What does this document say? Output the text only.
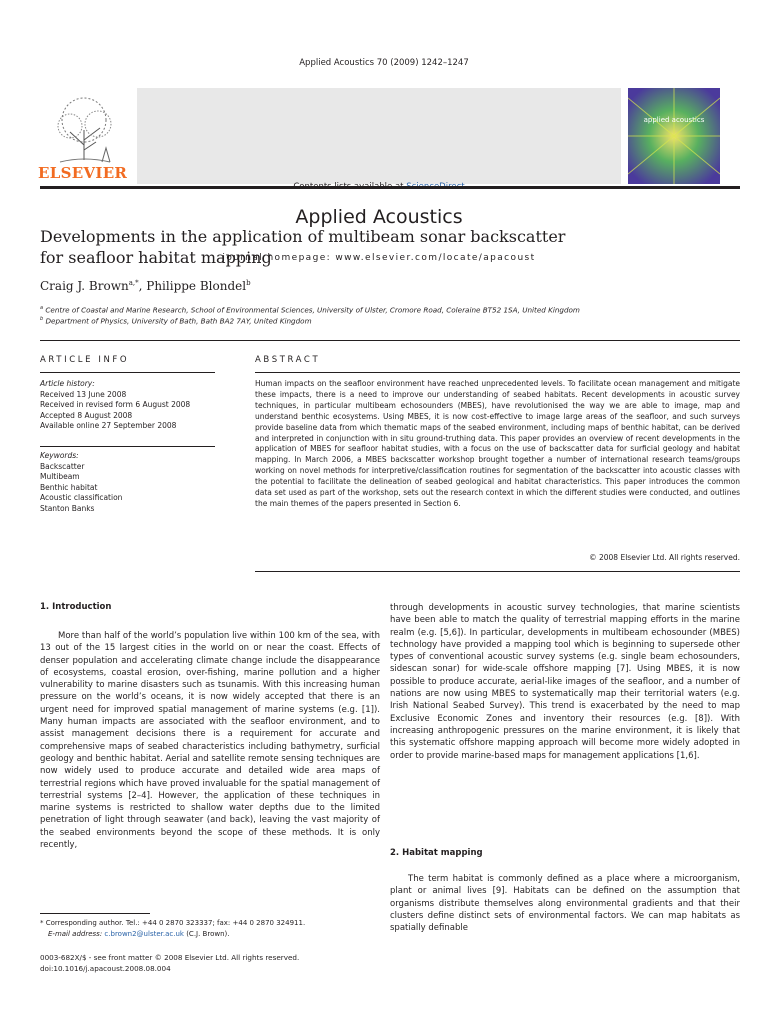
Applied Acoustics 70 (2009) 1242–1247
ELSEVIER
Applied Acoustics
journal homepage: www.elsevier.com/locate/apacoust
applied acoustics
Developments in the application of multibeam sonar backscatter
for seafloor habitat mapping
Craig J. Brown$^{a,*}$, Philippe Blondel$^b$
$^a$ Centre of Coastal and Marine Research, School of Environmental Sciences, University of Ulster, Cromore Road, Coleraine BT52 1SA, United Kingdom
$^b$ Department of Physics, University of Bath, Bath BA2 7AY, United Kingdom
ARTICLE INFO
Article history:
Received 13 June 2008
Received in revised form 6 August 2008
Accepted 8 August 2008
Available online 27 September 2008
Keywords:
Backscatter
Multibeam
Benthic habitat
Acoustic classification
Stanton Banks
ABSTRACT
Human impacts on the seafloor environment have reached unprecedented levels. To facilitate ocean management and mitigate these impacts, there is a need to improve our understanding of seabed habitats. Recent developments in acoustic survey techniques, in particular multibeam echosounders (MBES), have revolutionised the way we are able to image, map and understand benthic ecosystems. Using MBES, it is now cost-effective to image large areas of the seafloor, and such surveys provide baseline data from which thematic maps of the seabed environment, including maps of benthic habitat, can be derived and interpreted in conjunction with in situ ground-truthing data. This paper provides an overview of recent developments in the application of MBES for seafloor habitat studies, with a focus on the use of backscatter data for surficial geology and habitat mapping. In March 2006, a MBES backscatter workshop brought together a number of international research teams/groups working on novel methods for interpretive/classification routines for segmentation of the backscatter into acoustic classes with the potential to facilitate the delineation of seabed geological and habitat characteristics. This paper introduces the common data set used as part of the workshop, sets out the research context in which the different studies were conducted, and outlines the main themes of the papers presented in Section 6.
© 2008 Elsevier Ltd. All rights reserved.
1. Introduction

More than half of the world’s population live within 100 km of the sea, with 13 out of the 15 largest cities in the world on or near the coast. Effects of denser population and accelerating climate change include the disappearance of ecosystems, coastal erosion, over-fishing, marine pollution and a higher vulnerability to marine disasters such as tsunamis. With this increasing human pressure on the world’s oceans, it is now widely accepted that there is an urgent need for improved spatial management of marine systems (e.g. [1]). Many human impacts are associated with the seafloor environment, and to assist management decisions there is a requirement for accurate and comprehensive maps of seabed characteristics including bathymetry, surficial geology and benthic habitat. Aerial and satellite remote sensing techniques are now widely used to produce accurate and detailed wide area maps of terrestrial regions which have proved invaluable for the spatial management of terrestrial systems [2–4]. However, the application of these techniques in marine systems is restricted to shallow water depths due to the limited penetration of light through seawater (and back), leaving the vast majority of the seabed environments beyond the scope of these methods. It is only recently,

through developments in acoustic survey technologies, that marine scientists have been able to match the quality of terrestrial mapping efforts in the marine realm (e.g. [5,6]). In particular, developments in multibeam echosounder (MBES) technology have provided a mapping tool which is beginning to supersede other types of conventional acoustic survey systems (e.g. single beam echosounders, sidescan sonar) for wide-scale offshore mapping [7]. Using MBES, it is now possible to produce accurate, aerial-like images of the seafloor, and a number of nations are now using MBES to systematically map their territorial waters (e.g. Irish National Seabed Survey). This trend is exacerbated by the need to map Exclusive Economic Zones and inventory their resources (e.g. [8]). With increasing anthropogenic pressures on the marine environment, it is likely that this systematic offshore mapping approach will become more widely adopted in order to provide marine-based maps for management applications [1,6].

2. Habitat mapping

The term habitat is commonly defined as a place where a microorganism, plant or animal lives [9]. Habitats can be defined on the assumption that organisms distribute themselves along environmental gradients and that their clusters define distinct sets of environmental factors. We can map habitats as spatially definable

* Corresponding author. Tel.: +44 0 2870 323337; fax: +44 0 2870 324911.
E-mail address: c.brown2@ulster.ac.uk (C.J. Brown).
0003-682X/$ - see front matter © 2008 Elsevier Ltd. All rights reserved.
doi:10.1016/j.apacoust.2008.08.004
